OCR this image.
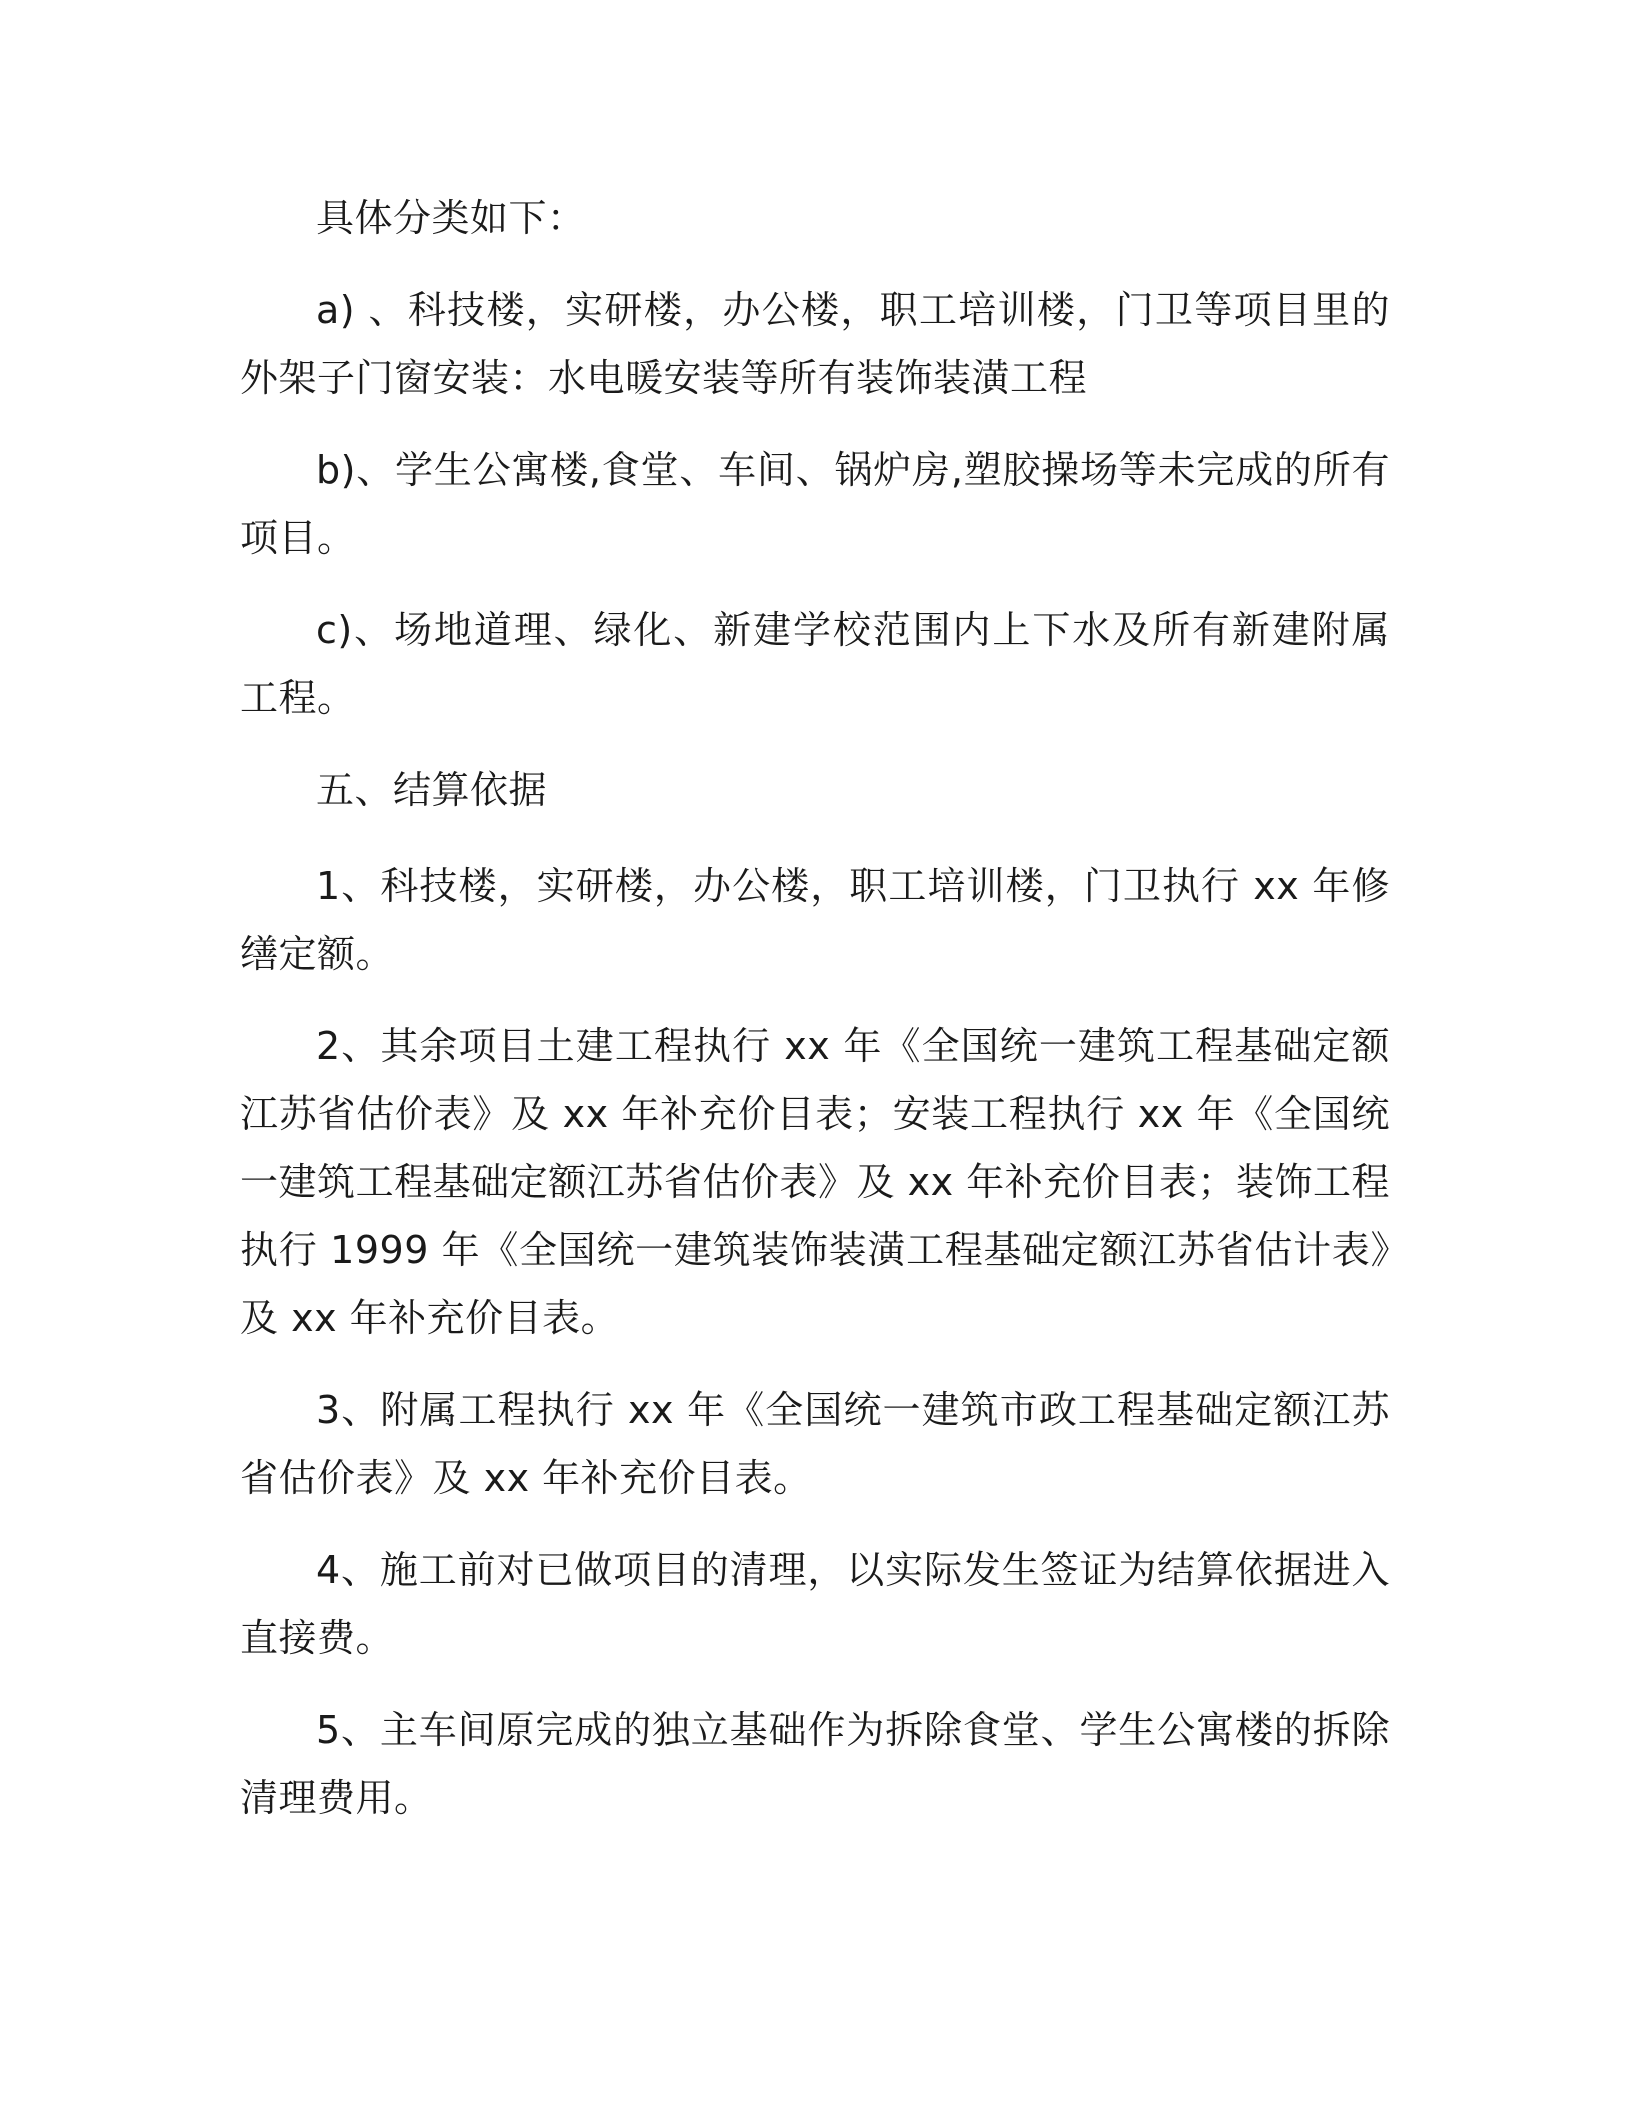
具体分类如下：

a) 、科技楼，实研楼，办公楼，职工培训楼，门卫等项目里的外架子门窗安装：水电暖安装等所有装饰装潢工程

b)、学生公寓楼,食堂、车间、锅炉房,塑胶操场等未完成的所有项目。

c)、场地道理、绿化、新建学校范围内上下水及所有新建附属工程。

五、结算依据

1、科技楼，实研楼，办公楼，职工培训楼，门卫执行 xx 年修缮定额。

2、其余项目土建工程执行 xx 年《全国统一建筑工程基础定额江苏省估价表》及 xx 年补充价目表；安装工程执行 xx 年《全国统一建筑工程基础定额江苏省估价表》及 xx 年补充价目表；装饰工程执行 1999 年《全国统一建筑装饰装潢工程基础定额江苏省估计表》及 xx 年补充价目表。

3、附属工程执行 xx 年《全国统一建筑市政工程基础定额江苏省估价表》及 xx 年补充价目表。

4、施工前对已做项目的清理，以实际发生签证为结算依据进入直接费。

5、主车间原完成的独立基础作为拆除食堂、学生公寓楼的拆除清理费用。
